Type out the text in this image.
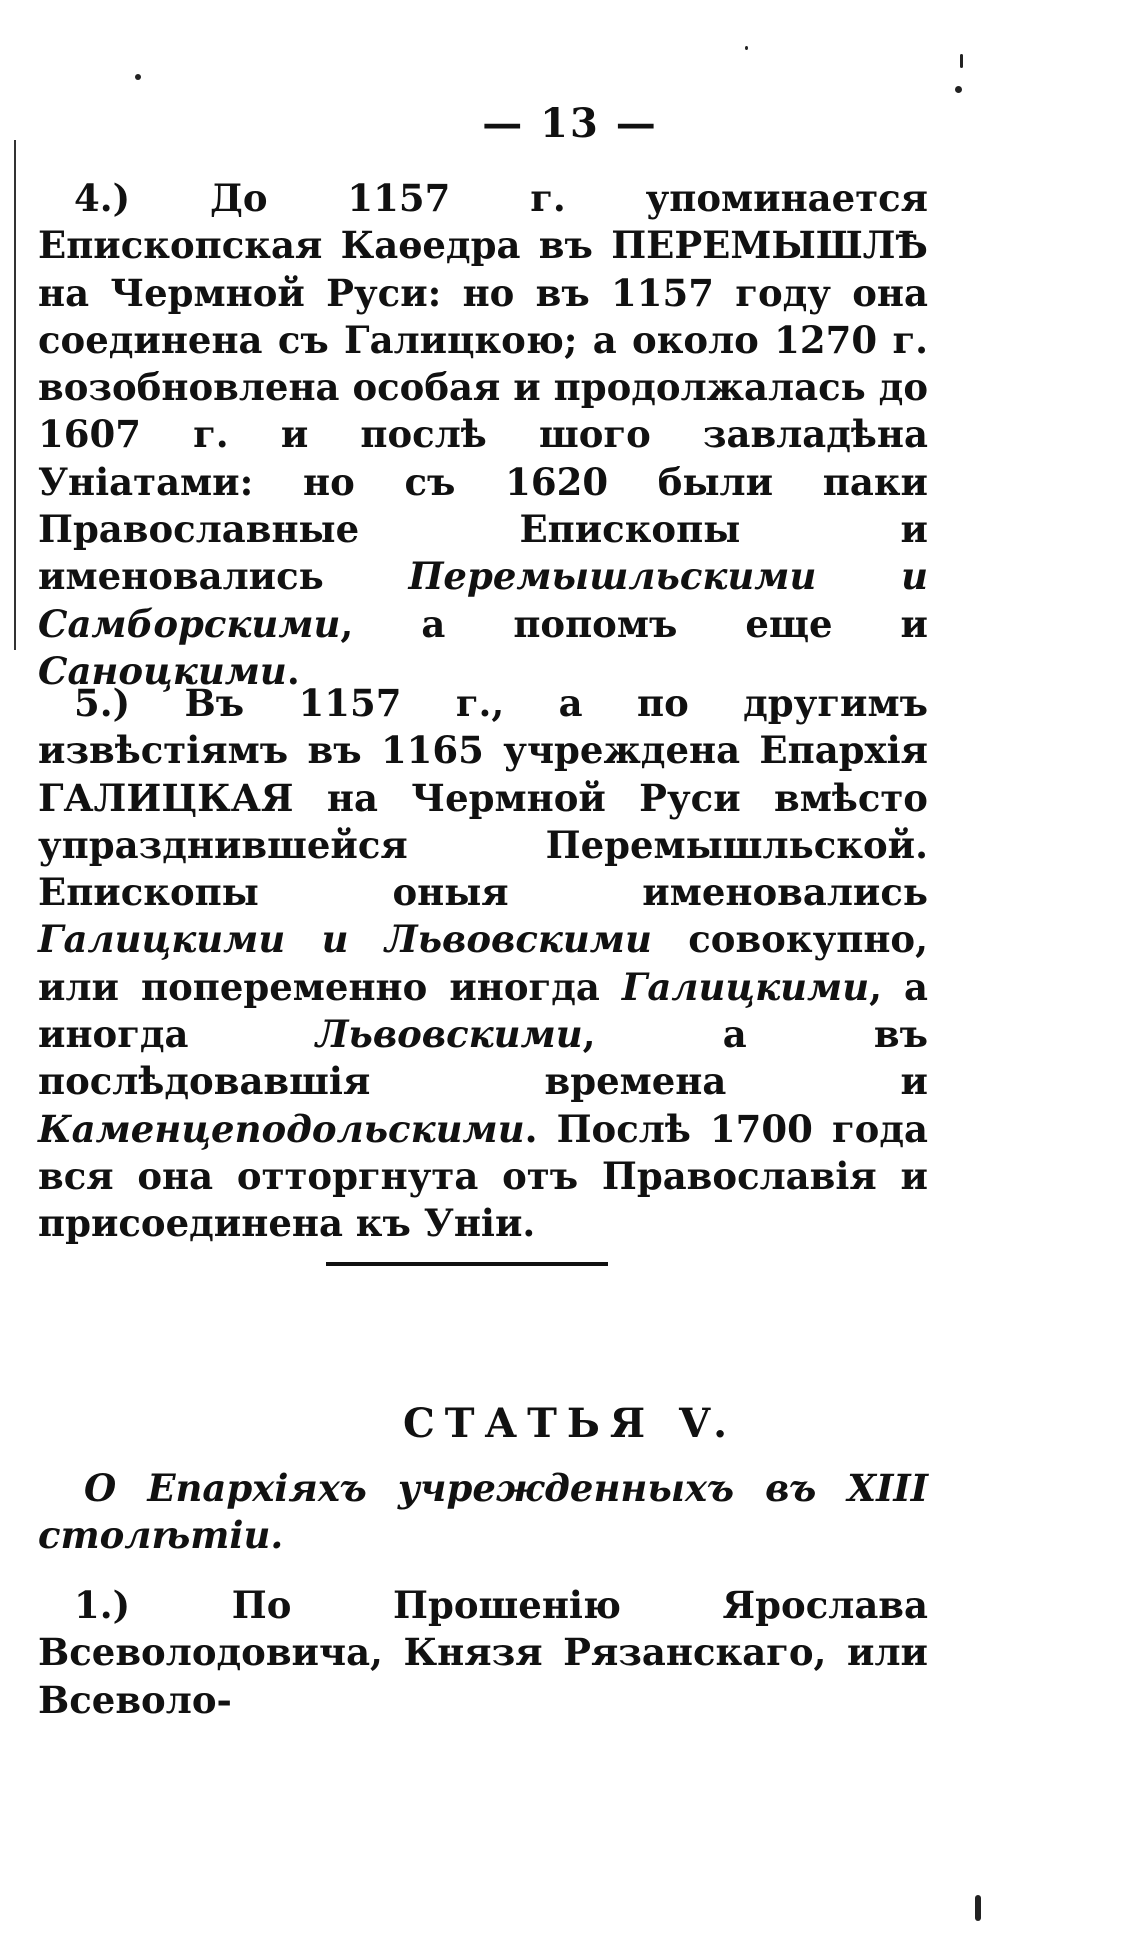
— 13 —
4.) До 1157 г. упоминается Епископская Каѳедра въ ПЕРЕМЫШЛѢ на Чермной Руси: но въ 1157 году она соединена съ Галицкою; а около 1270 г. возобновлена особая и продолжалась до 1607 г. и послѣ шого завладѣна Уніатами: но съ 1620 были паки Православные Епископы и именовались Перемышльскими и Самборскими, а попомъ еще и Саноцкими.
5.) Въ 1157 г., а по другимъ извѣстіямъ въ 1165 учреждена Епархія ГАЛИЦКАЯ на Чермной Руси вмѣсто упразднившейся Перемышльской. Епископы оныя именовались Галицкими и Львовскими совокупно, или попеременно иногда Галицкими, а иногда Львовскими, а въ послѣдовавшія времена и Каменцеподольскими. Послѣ 1700 года вся она отторгнута отъ Православія и присоединена къ Уніи.
СТАТЬЯ V.
О Епархіяхъ учрежденныхъ въ XIII столѣтіи.
1.) По Прошенію Ярослава Всеволодовича, Князя Рязанскаго, или Всеволо-
